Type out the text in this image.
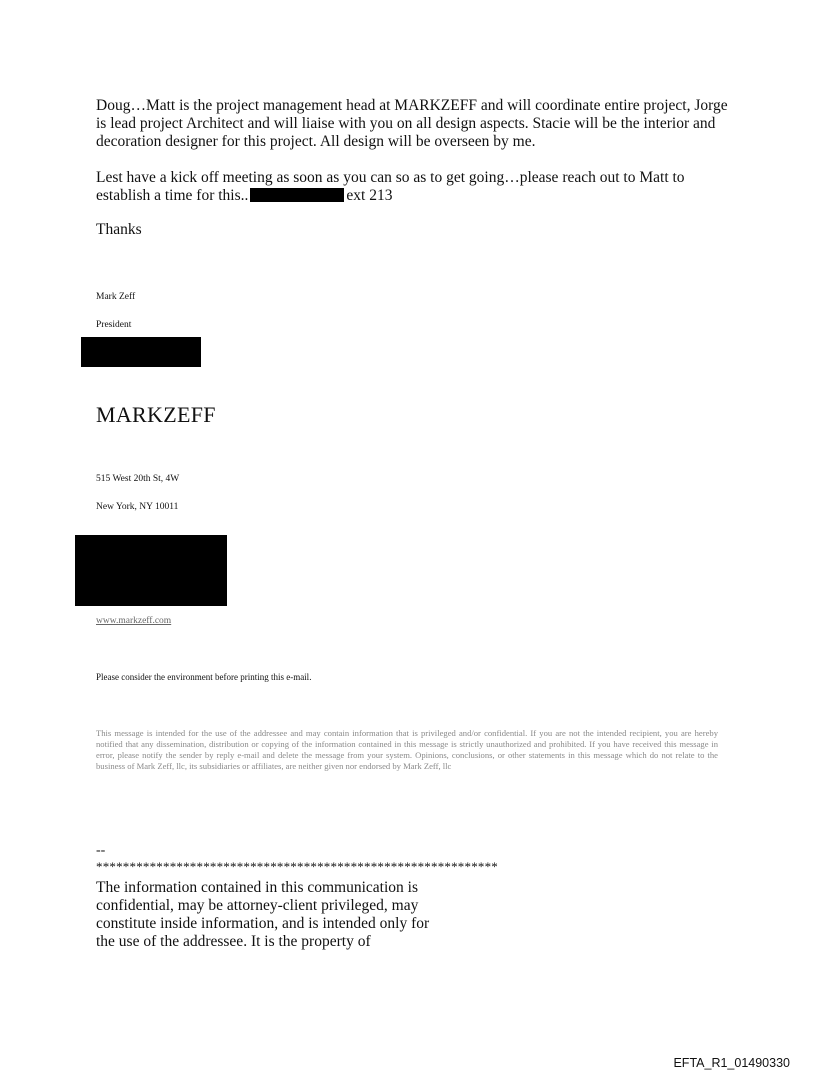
Doug…Matt is the project management head at MARKZEFF and will coordinate entire project, Jorge is lead project Architect and will liaise with you on all design aspects. Stacie will be the interior and decoration designer for this project. All design will be overseen by me.
Lest have a kick off meeting as soon as you can so as to get going…please reach out to Matt to establish a time for this..	ext 213
Thanks
Mark Zeff
President
MARKZEFF
515 West 20th St, 4W
New York, NY 10011
www.markzeff.com
Please consider the environment before printing this e-mail.
This message is intended for the use of the addressee and may contain information that is privileged and/or confidential. If you are not the intended recipient, you are hereby notified that any dissemination, distribution or copying of the information contained in this message is strictly unauthorized and prohibited. If you have received this message in error, please notify the sender by reply e-mail and delete the message from your system. Opinions, conclusions, or other statements in this message which do not relate to the business of Mark Zeff, llc, its subsidiaries or affiliates, are neither given nor endorsed by Mark Zeff, llc
--
************************************************************
The information contained in this communication is confidential, may be attorney-client privileged, may constitute inside information, and is intended only for the use of the addressee. It is the property of
EFTA_R1_01490330
